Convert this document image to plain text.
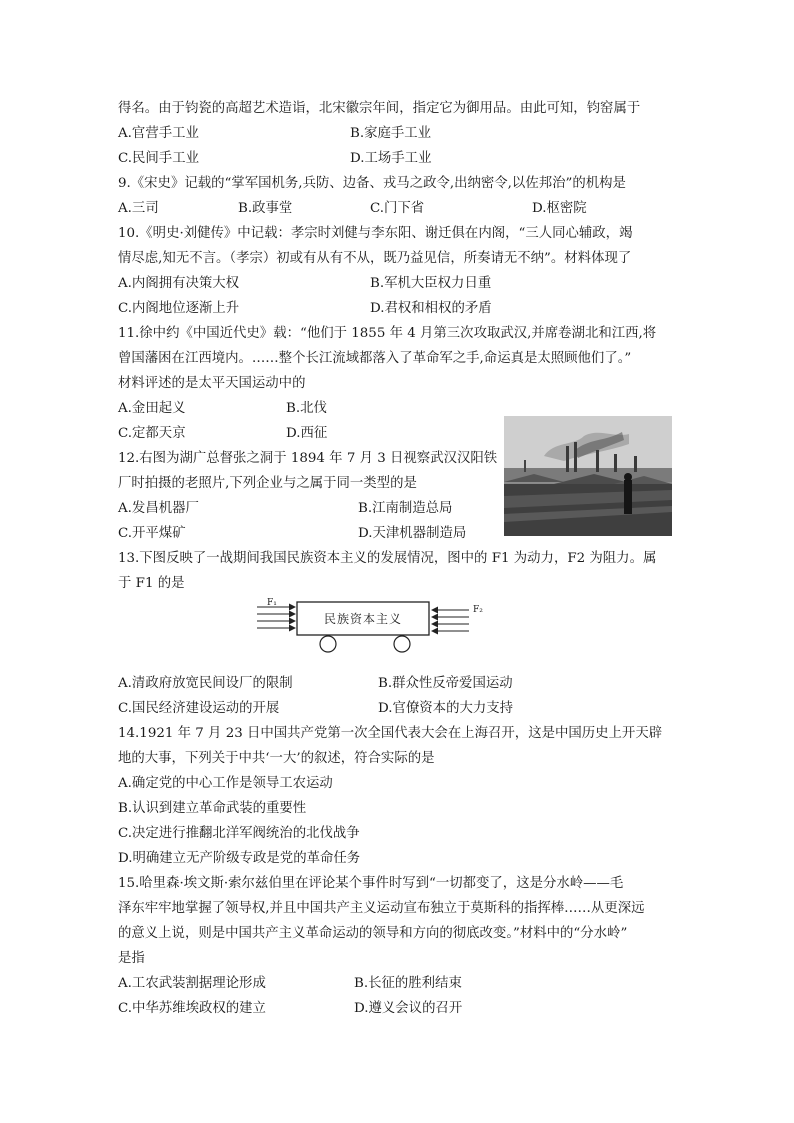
得名。由于钧瓷的高超艺术造诣，北宋徽宗年间，指定它为御用品。由此可知，钧窑属于
A.官营手工业	B.家庭手工业
C.民间手工业	D.工场手工业
9.《宋史》记载的“掌军国机务,兵防、边备、戎马之政令,出纳密令,以佐邦治”的机构是
A.三司	B.政事堂	C.门下省	D.枢密院
10.《明史·刘健传》中记载：孝宗时刘健与李东阳、谢迁俱在内阁，“三人同心辅政，竭
情尽虑,知无不言。（孝宗）初或有从有不从，既乃益见信，所奏请无不纳”。材料体现了
A.内阁拥有决策大权	B.军机大臣权力日重
C.内阁地位逐渐上升	D.君权和相权的矛盾
11.徐中约《中国近代史》载：“他们于 1855 年 4 月第三次攻取武汉,并席卷湖北和江西,将
曾国藩困在江西境内。……整个长江流域都落入了革命军之手,命运真是太照顾他们了。”
材料评述的是太平天国运动中的
A.金田起义	B.北伐
C.定都天京	D.西征
12.右图为湖广总督张之洞于 1894 年 7 月 3 日视察武汉汉阳铁
厂时拍摄的老照片,下列企业与之属于同一类型的是
A.发昌机器厂	B.江南制造总局
C.开平煤矿	D.天津机器制造局
13.下图反映了一战期间我国民族资本主义的发展情况，图中的 F1 为动力，F2 为阻力。属
于 F1 的是
F₁
民族资本主义
F₂
A.清政府放宽民间设厂的限制	B.群众性反帝爱国运动
C.国民经济建设运动的开展	D.官僚资本的大力支持
14.1921 年 7 月 23 日中国共产党第一次全国代表大会在上海召开，这是中国历史上开天辟
地的大事，下列关于中共‘一大’的叙述，符合实际的是
A.确定党的中心工作是领导工农运动
B.认识到建立革命武装的重要性
C.决定进行推翻北洋军阀统治的北伐战争
D.明确建立无产阶级专政是党的革命任务
15.哈里森·埃文斯·索尔兹伯里在评论某个事件时写到“一切都变了，这是分水岭——毛
泽东牢牢地掌握了领导权,并且中国共产主义运动宣布独立于莫斯科的指挥棒……从更深远
的意义上说，则是中国共产主义革命运动的领导和方向的彻底改变。”材料中的“分水岭”
是指
A.工农武装割据理论形成	B.长征的胜利结束
C.中华苏维埃政权的建立	D.遵义会议的召开
